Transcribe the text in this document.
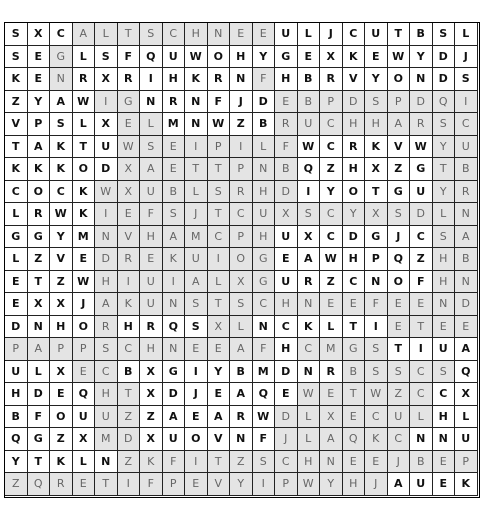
S	X	C	A	L	T	S	C	H	N	E	E	U	L	J	C	U	T	B	S	L
S	E	G	L	S	F	Q	U	W	O	H	Y	G	E	X	K	E	W	Y	D	J
K	E	N	R	X	R	I	H	K	R	N	F	H	B	R	V	Y	O	N	D	S
Z	Y	A	W	I	G	N	R	N	F	J	D	E	B	P	D	S	P	D	Q	I
V	P	S	L	X	E	L	M	N	W	Z	B	R	U	C	H	H	A	R	S	C
T	A	K	T	U	W	S	E	I	P	I	L	F	W	C	R	K	V	W	Y	U
K	K	K	O	D	X	A	E	T	T	P	N	B	Q	Z	H	X	Z	G	T	B
C	O	C	K	W	X	U	B	L	S	R	H	D	I	Y	O	T	G	U	Y	R
L	R	W	K	I	E	F	S	J	T	C	U	X	S	C	Y	X	S	D	L	N
G	G	Y	M	N	V	H	A	M	C	P	H	U	X	C	D	G	J	C	S	A
L	Z	V	E	D	R	E	K	U	I	O	G	E	A	W	H	P	Q	Z	H	B
E	T	Z	W	H	I	U	I	A	L	X	G	U	R	Z	C	N	O	F	H	N
E	X	X	J	A	K	U	N	S	T	S	C	H	N	E	E	F	E	E	N	D
D	N	H	O	R	H	R	Q	S	X	L	N	C	K	L	T	I	E	T	E	E
P	A	P	P	S	C	H	N	E	E	A	F	H	C	M	G	S	T	I	U	A
U	L	X	E	C	B	X	G	I	Y	B	M	D	N	R	B	S	S	C	S	Q
H	D	E	Q	H	T	X	D	J	E	A	Q	E	W	E	T	W	Z	C	C	X
B	F	O	U	U	Z	Z	A	E	A	R	W	D	L	X	E	C	U	L	H	L
Q	G	Z	X	M	D	X	U	O	V	N	F	J	L	A	Q	K	C	N	N	U
Y	T	K	L	N	Z	K	F	I	T	Z	S	C	H	N	E	E	J	B	E	P
Z	Q	R	E	T	I	F	P	E	V	Y	I	P	W	Y	H	J	A	U	E	K
